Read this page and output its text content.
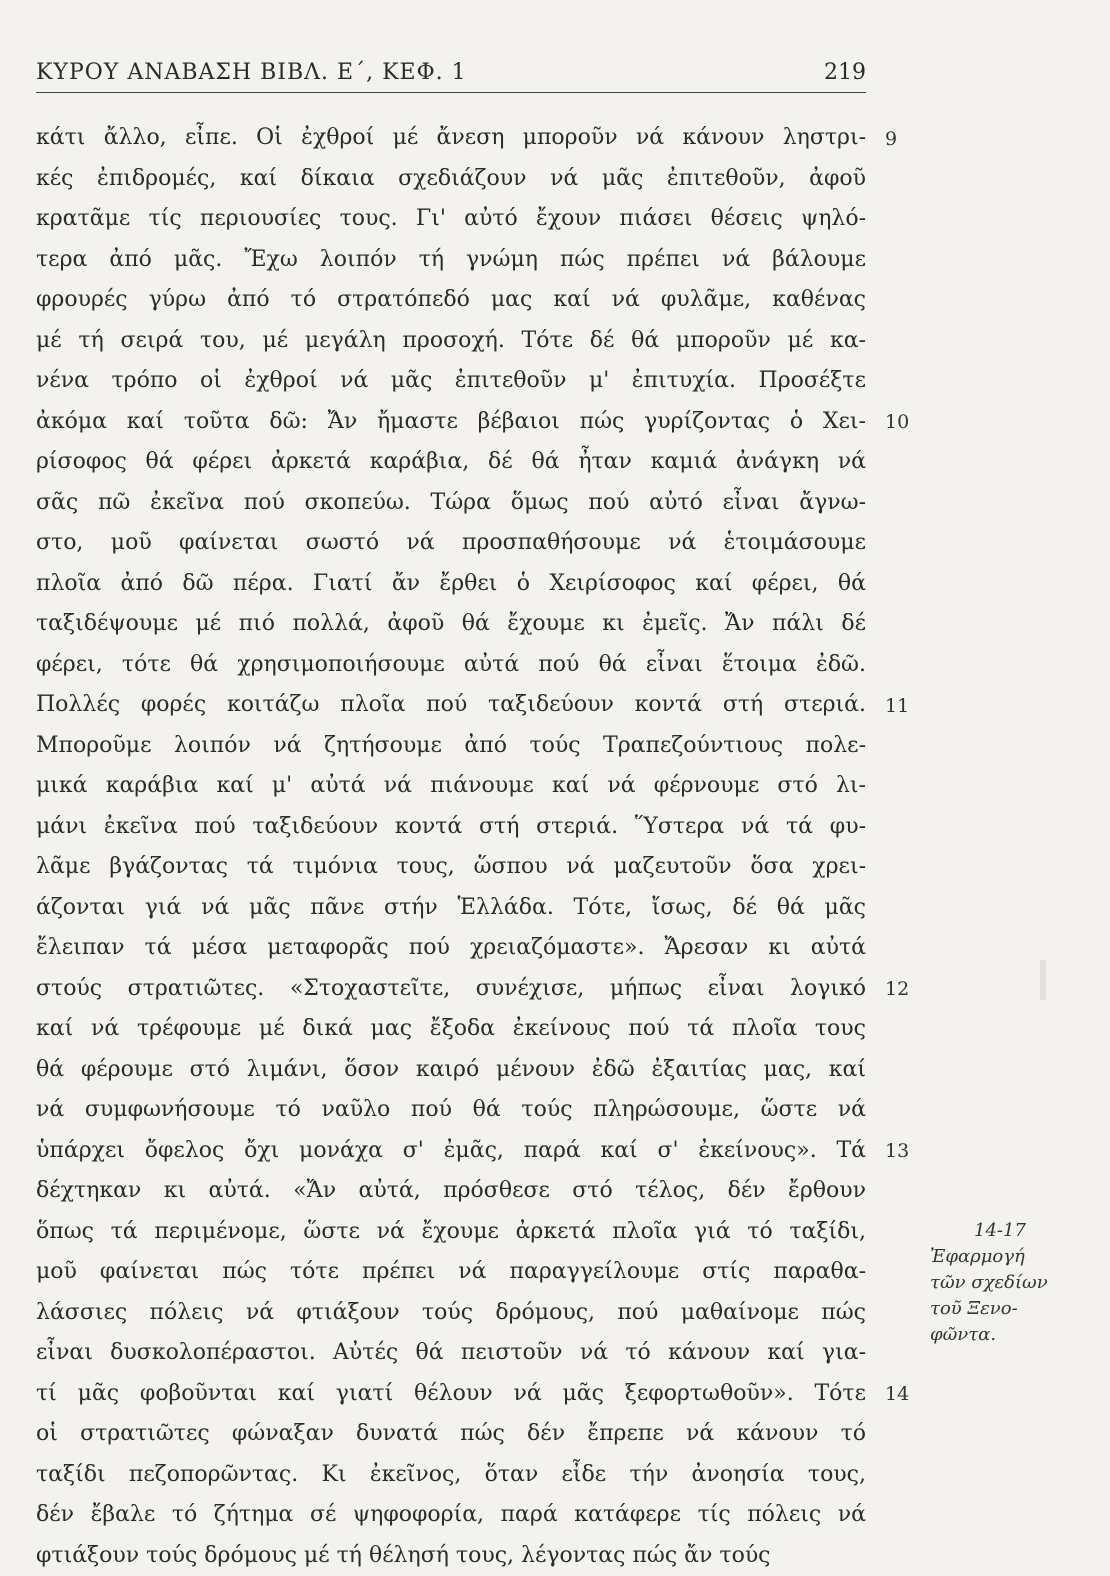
ΚΥΡΟΥ ΑΝΑΒΑΣΗ ΒΙΒΛ. Ε΄, ΚΕΦ. 1	219
κάτι ἄλλο, εἶπε. Οἱ ἐχθροί μέ ἄνεση μποροῦν νά κάνουν ληστρι-
κές ἐπιδρομές, καί δίκαια σχεδιάζουν νά μᾶς ἐπιτεθοῦν, ἀφοῦ
κρατᾶμε τίς περιουσίες τους. Γι' αὐτό ἔχουν πιάσει θέσεις ψηλό-
τερα ἀπό μᾶς. Ἔχω λοιπόν τή γνώμη πώς πρέπει νά βάλουμε
φρουρές γύρω ἀπό τό στρατόπεδό μας καί νά φυλᾶμε, καθένας
μέ τή σειρά του, μέ μεγάλη προσοχή. Τότε δέ θά μποροῦν μέ κα-
νένα τρόπο οἱ ἐχθροί νά μᾶς ἐπιτεθοῦν μ' ἐπιτυχία. Προσέξτε
ἀκόμα καί τοῦτα δῶ: Ἄν ἤμαστε βέβαιοι πώς γυρίζοντας ὁ Χει-
ρίσοφος θά φέρει ἀρκετά καράβια, δέ θά ἦταν καμιά ἀνάγκη νά
σᾶς πῶ ἐκεῖνα πού σκοπεύω. Τώρα ὅμως πού αὐτό εἶναι ἄγνω-
στο, μοῦ φαίνεται σωστό νά προσπαθήσουμε νά ἑτοιμάσουμε
πλοῖα ἀπό δῶ πέρα. Γιατί ἄν ἔρθει ὁ Χειρίσοφος καί φέρει, θά
ταξιδέψουμε μέ πιό πολλά, ἀφοῦ θά ἔχουμε κι ἐμεῖς. Ἄν πάλι δέ
φέρει, τότε θά χρησιμοποιήσουμε αὐτά πού θά εἶναι ἕτοιμα ἐδῶ.
Πολλές φορές κοιτάζω πλοῖα πού ταξιδεύουν κοντά στή στεριά.
Μποροῦμε λοιπόν νά ζητήσουμε ἀπό τούς Τραπεζούντιους πολε-
μικά καράβια καί μ' αὐτά νά πιάνουμε καί νά φέρνουμε στό λι-
μάνι ἐκεῖνα πού ταξιδεύουν κοντά στή στεριά. Ὕστερα νά τά φυ-
λᾶμε βγάζοντας τά τιμόνια τους, ὥσπου νά μαζευτοῦν ὅσα χρει-
άζονται γιά νά μᾶς πᾶνε στήν Ἑλλάδα. Τότε, ἴσως, δέ θά μᾶς
ἔλειπαν τά μέσα μεταφορᾶς πού χρειαζόμαστε». Ἄρεσαν κι αὐτά
στούς στρατιῶτες. «Στοχαστεῖτε, συνέχισε, μήπως εἶναι λογικό
καί νά τρέφουμε μέ δικά μας ἔξοδα ἐκείνους πού τά πλοῖα τους
θά φέρουμε στό λιμάνι, ὅσον καιρό μένουν ἐδῶ ἐξαιτίας μας, καί
νά συμφωνήσουμε τό ναῦλο πού θά τούς πληρώσουμε, ὥστε νά
ὑπάρχει ὄφελος ὄχι μονάχα σ' ἐμᾶς, παρά καί σ' ἐκείνους». Τά
δέχτηκαν κι αὐτά. «Ἄν αὐτά, πρόσθεσε στό τέλος, δέν ἔρθουν
ὅπως τά περιμένομε, ὥστε νά ἔχουμε ἀρκετά πλοῖα γιά τό ταξίδι,
μοῦ φαίνεται πώς τότε πρέπει νά παραγγείλουμε στίς παραθα-
λάσσιες πόλεις νά φτιάξουν τούς δρόμους, πού μαθαίνομε πώς
εἶναι δυσκολοπέραστοι. Αὐτές θά πειστοῦν νά τό κάνουν καί για-
τί μᾶς φοβοῦνται καί γιατί θέλουν νά μᾶς ξεφορτωθοῦν». Τότε
οἱ στρατιῶτες φώναξαν δυνατά πώς δέν ἔπρεπε νά κάνουν τό
ταξίδι πεζοπορῶντας. Κι ἐκεῖνος, ὅταν εἶδε τήν ἀνοησία τους,
δέν ἔβαλε τό ζήτημα σέ ψηφοφορία, παρά κατάφερε τίς πόλεις νά
φτιάξουν τούς δρόμους μέ τή θέλησή τους, λέγοντας πώς ἄν τούς
9
10
11
12
13
14
14-17
Ἐφαρμογή
τῶν σχεδίων
τοῦ Ξενο-
φῶντα.
